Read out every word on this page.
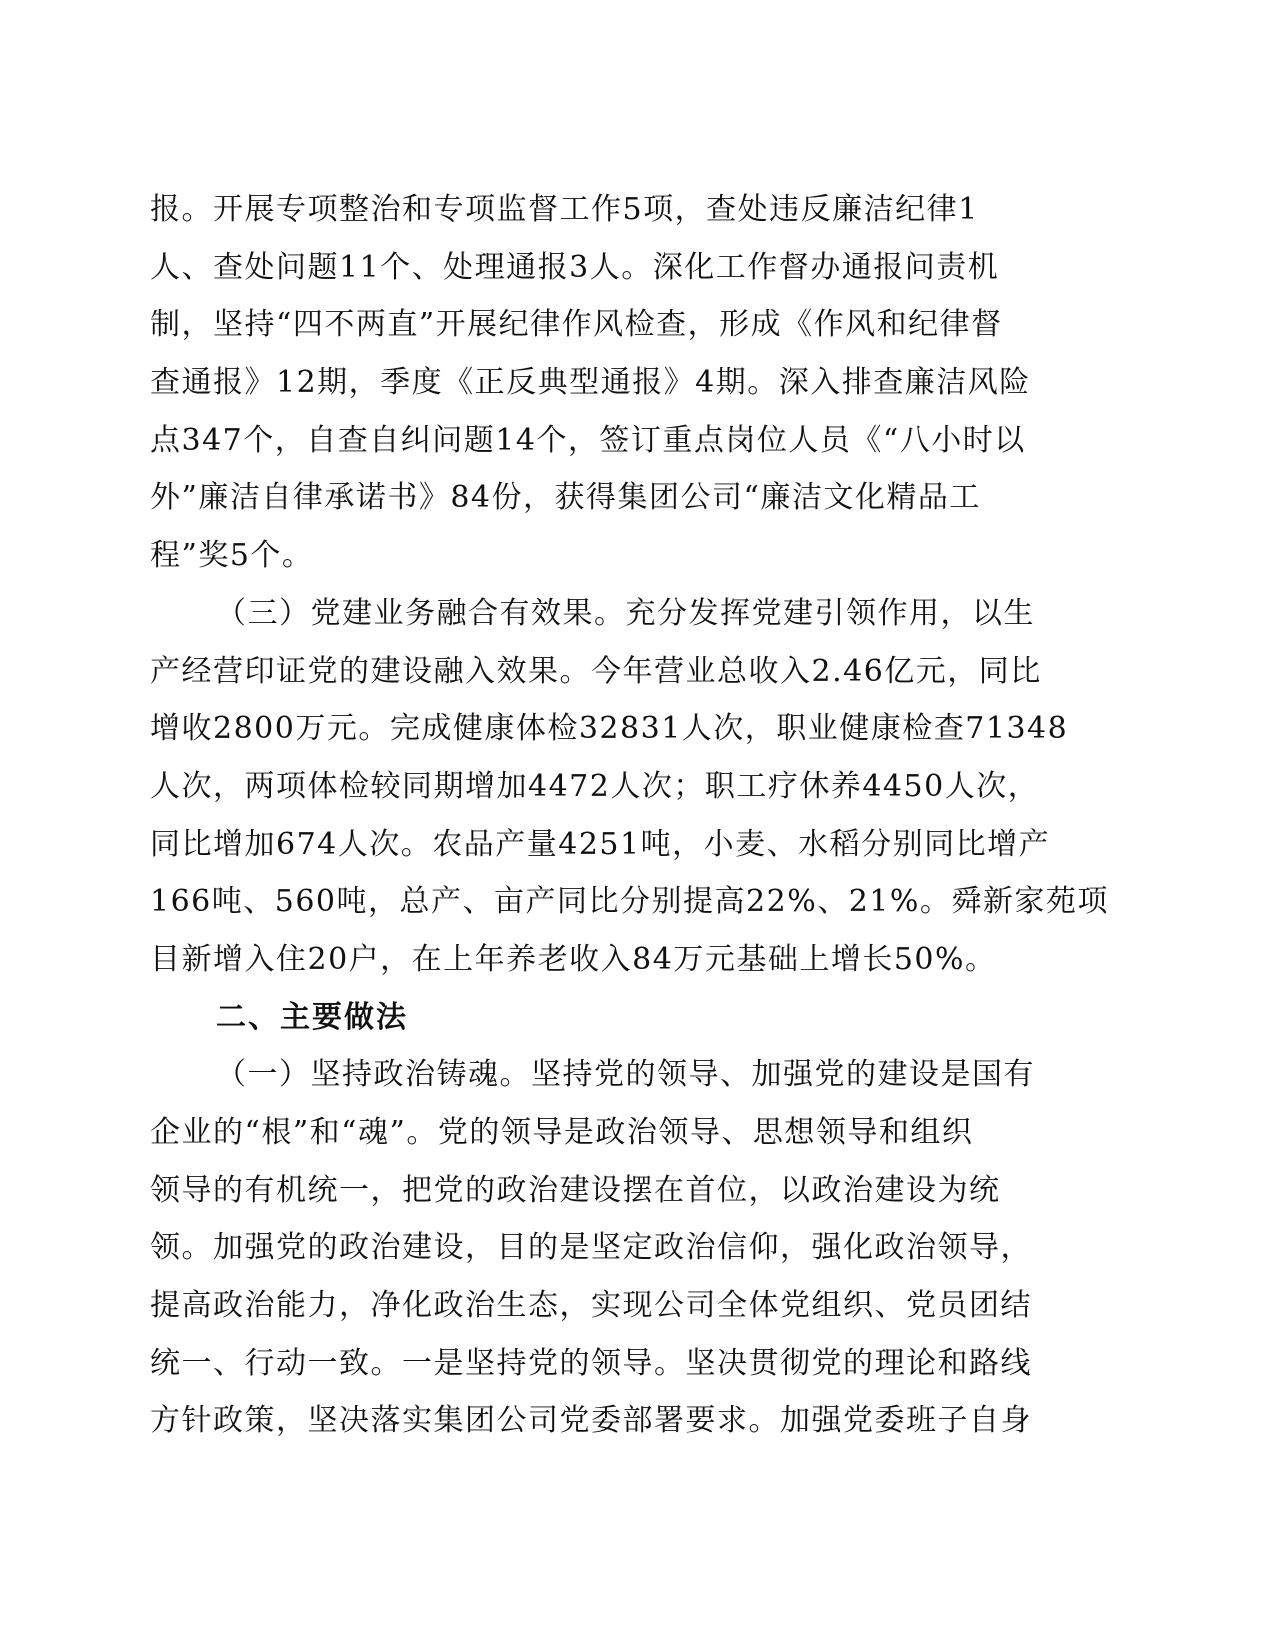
报。开展专项整治和专项监督工作5项，查处违反廉洁纪律1
人、查处问题11个、处理通报3人。深化工作督办通报问责机
制，坚持“四不两直”开展纪律作风检查，形成《作风和纪律督
查通报》12期，季度《正反典型通报》4期。深入排查廉洁风险
点347个，自查自纠问题14个，签订重点岗位人员《“八小时以
外”廉洁自律承诺书》84份，获得集团公司“廉洁文化精品工
程”奖5个。
（三）党建业务融合有效果。充分发挥党建引领作用，以生
产经营印证党的建设融入效果。今年营业总收入2.46亿元，同比
增收2800万元。完成健康体检32831人次，职业健康检查71348
人次，两项体检较同期增加4472人次；职工疗休养4450人次，
同比增加674人次。农品产量4251吨，小麦、水稻分别同比增产
166吨、560吨，总产、亩产同比分别提高22%、21%。舜新家苑项
目新增入住20户，在上年养老收入84万元基础上增长50%。
二、主要做法
（一）坚持政治铸魂。坚持党的领导、加强党的建设是国有
企业的“根”和“魂”。党的领导是政治领导、思想领导和组织
领导的有机统一，把党的政治建设摆在首位，以政治建设为统
领。加强党的政治建设，目的是坚定政治信仰，强化政治领导，
提高政治能力，净化政治生态，实现公司全体党组织、党员团结
统一、行动一致。一是坚持党的领导。坚决贯彻党的理论和路线
方针政策，坚决落实集团公司党委部署要求。加强党委班子自身
